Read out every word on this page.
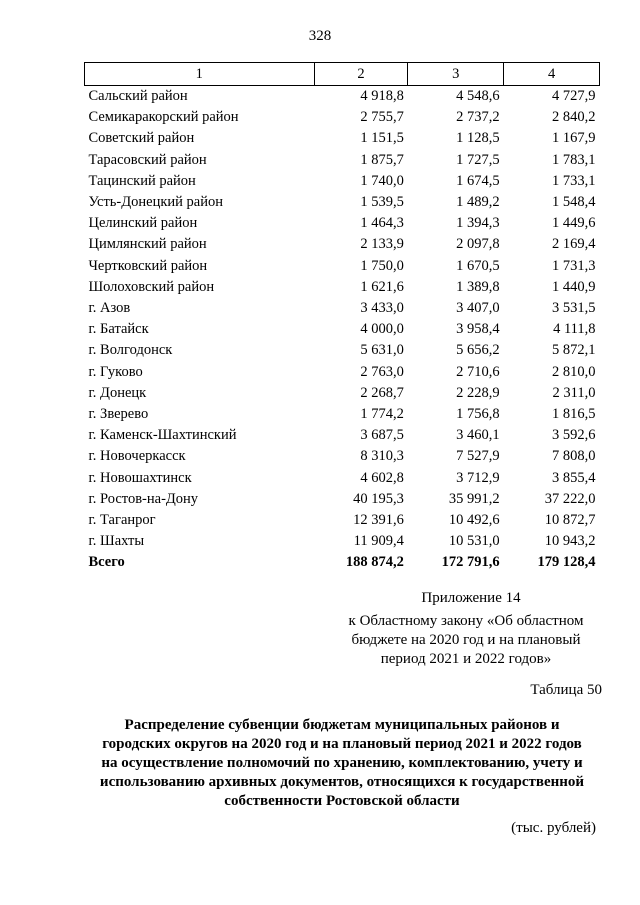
328
1	2	3	4
Сальский район	4 918,8	4 548,6	4 727,9
Семикаракорский район	2 755,7	2 737,2	2 840,2
Советский район	1 151,5	1 128,5	1 167,9
Тарасовский район	1 875,7	1 727,5	1 783,1
Тацинский район	1 740,0	1 674,5	1 733,1
Усть-Донецкий район	1 539,5	1 489,2	1 548,4
Целинский район	1 464,3	1 394,3	1 449,6
Цимлянский район	2 133,9	2 097,8	2 169,4
Чертковский район	1 750,0	1 670,5	1 731,3
Шолоховский район	1 621,6	1 389,8	1 440,9
г. Азов	3 433,0	3 407,0	3 531,5
г. Батайск	4 000,0	3 958,4	4 111,8
г. Волгодонск	5 631,0	5 656,2	5 872,1
г. Гуково	2 763,0	2 710,6	2 810,0
г. Донецк	2 268,7	2 228,9	2 311,0
г. Зверево	1 774,2	1 756,8	1 816,5
г. Каменск-Шахтинский	3 687,5	3 460,1	3 592,6
г. Новочеркасск	8 310,3	7 527,9	7 808,0
г. Новошахтинск	4 602,8	3 712,9	3 855,4
г. Ростов-на-Дону	40 195,3	35 991,2	37 222,0
г. Таганрог	12 391,6	10 492,6	10 872,7
г. Шахты	11 909,4	10 531,0	10 943,2
Всего	188 874,2	172 791,6	179 128,4
Приложение 14
к Областному закону «Об областном
бюджете на 2020 год и на плановый
период 2021 и 2022 годов»
Таблица 50
Распределение субвенции бюджетам муниципальных районов и
городских округов на 2020 год и на плановый период 2021 и 2022 годов
на осуществление полномочий по хранению, комплектованию, учету и
использованию архивных документов, относящихся к государственной
собственности Ростовской области
(тыс. рублей)
